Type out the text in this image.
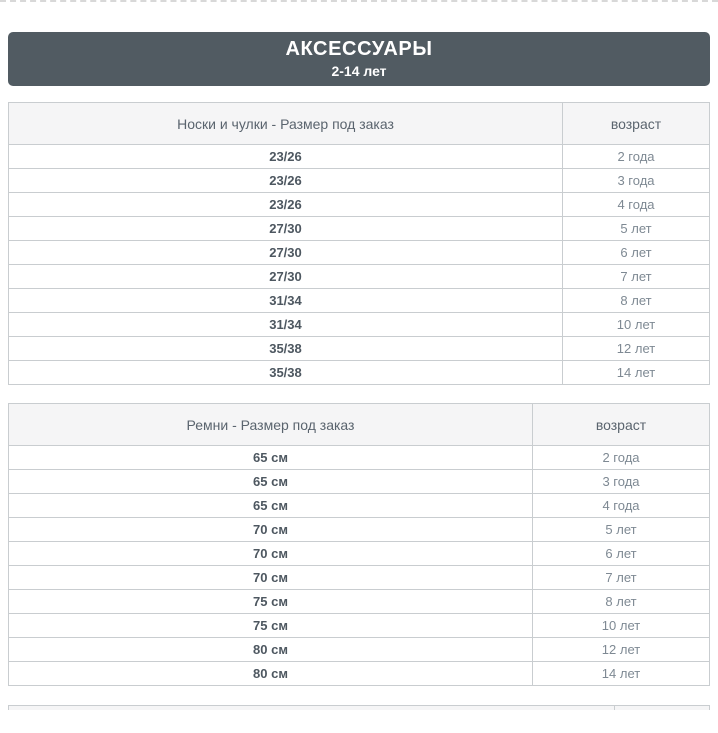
АКСЕССУАРЫ
2-14 лет
Носки и чулки - Размер под заказ	возраст
23/26	2 года
23/26	3 года
23/26	4 года
27/30	5 лет
27/30	6 лет
27/30	7 лет
31/34	8 лет
31/34	10 лет
35/38	12 лет
35/38	14 лет
Ремни - Размер под заказ	возраст
65 см	2 года
65 см	3 года
65 см	4 года
70 см	5 лет
70 см	6 лет
70 см	7 лет
75 см	8 лет
75 см	10 лет
80 см	12 лет
80 см	14 лет
